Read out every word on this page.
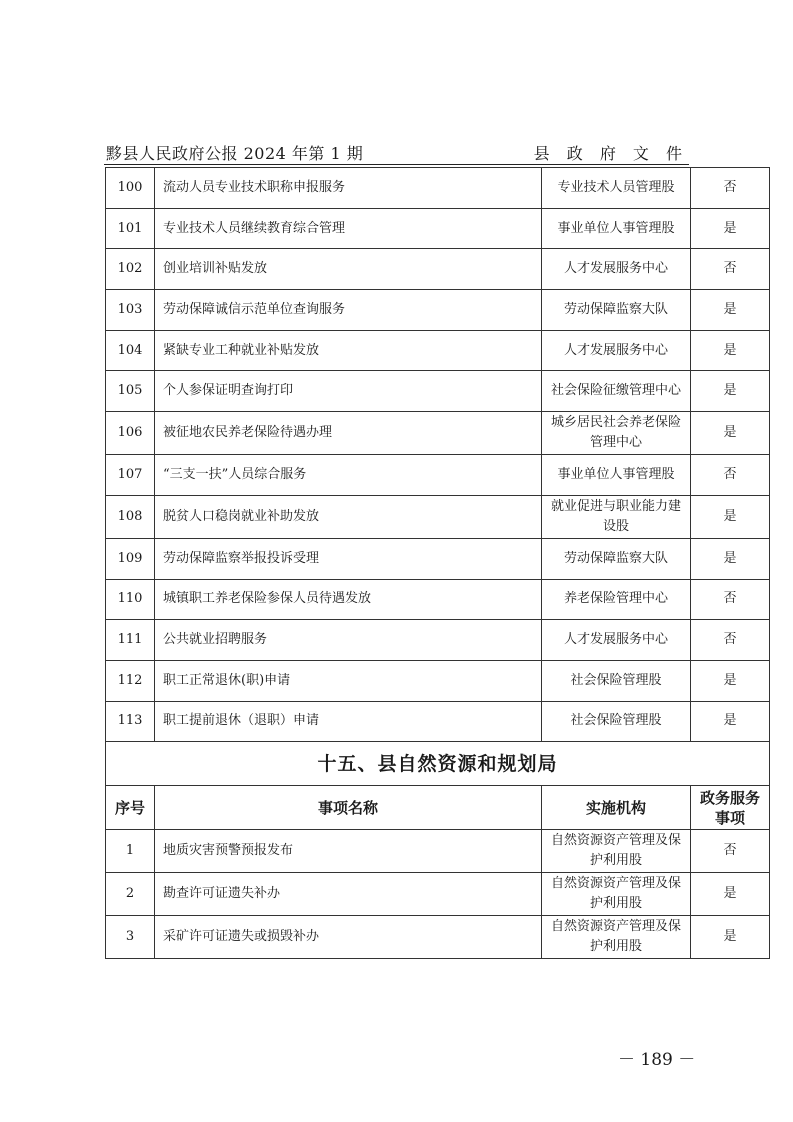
黟县人民政府公报 2024 年第 1 期	县 政 府 文 件
100	流动人员专业技术职称申报服务	专业技术人员管理股	否
101	专业技术人员继续教育综合管理	事业单位人事管理股	是
102	创业培训补贴发放	人才发展服务中心	否
103	劳动保障诚信示范单位查询服务	劳动保障监察大队	是
104	紧缺专业工种就业补贴发放	人才发展服务中心	是
105	个人参保证明查询打印	社会保险征缴管理中心	是
106	被征地农民养老保险待遇办理	城乡居民社会养老保险管理中心	是
107	“三支一扶”人员综合服务	事业单位人事管理股	否
108	脱贫人口稳岗就业补助发放	就业促进与职业能力建设股	是
109	劳动保障监察举报投诉受理	劳动保障监察大队	是
110	城镇职工养老保险参保人员待遇发放	养老保险管理中心	否
111	公共就业招聘服务	人才发展服务中心	否
112	职工正常退休(职)申请	社会保险管理股	是
113	职工提前退休（退职）申请	社会保险管理股	是
十五、县自然资源和规划局			
序号	事项名称	实施机构	政务服务事项
1	地质灾害预警预报发布	自然资源资产管理及保护利用股	否
2	勘查许可证遗失补办	自然资源资产管理及保护利用股	是
3	采矿许可证遗失或损毁补办	自然资源资产管理及保护利用股	是
－ 189 －
